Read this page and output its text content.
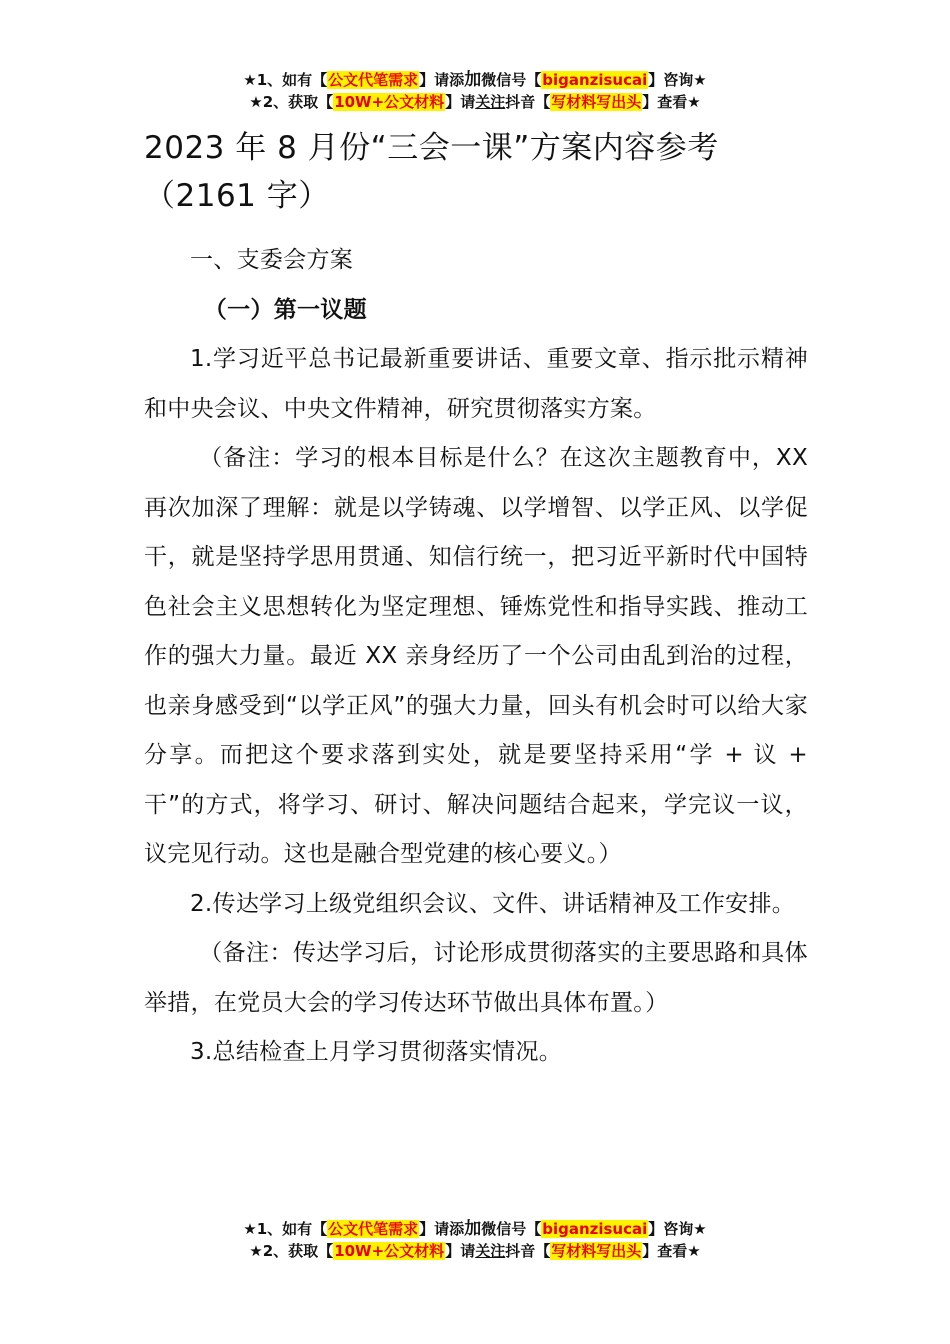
★1、如有【公文代笔需求】请添加微信号【biganzisucai】咨询★
★2、获取【10W+公文材料】请关注抖音【写材料写出头】查看★
2023 年 8 月份“三会一课”方案内容参考
（2161 字）

一、支委会方案

（一）第一议题

1.学习近平总书记最新重要讲话、重要文章、指示批示精神和中央会议、中央文件精神，研究贯彻落实方案。

（备注：学习的根本目标是什么？在这次主题教育中，XX 再次加深了理解：就是以学铸魂、以学增智、以学正风、以学促干，就是坚持学思用贯通、知信行统一，把习近平新时代中国特色社会主义思想转化为坚定理想、锤炼党性和指导实践、推动工作的强大力量。最近 XX 亲身经历了一个公司由乱到治的过程，也亲身感受到“以学正风”的强大力量，回头有机会时可以给大家分享。而把这个要求落到实处，就是要坚持采用“学 + 议 + 干”的方式，将学习、研讨、解决问题结合起来，学完议一议，议完见行动。这也是融合型党建的核心要义。）

2.传达学习上级党组织会议、文件、讲话精神及工作安排。

（备注：传达学习后，讨论形成贯彻落实的主要思路和具体举措，在党员大会的学习传达环节做出具体布置。）

3.总结检查上月学习贯彻落实情况。

★1、如有【公文代笔需求】请添加微信号【biganzisucai】咨询★
★2、获取【10W+公文材料】请关注抖音【写材料写出头】查看★
